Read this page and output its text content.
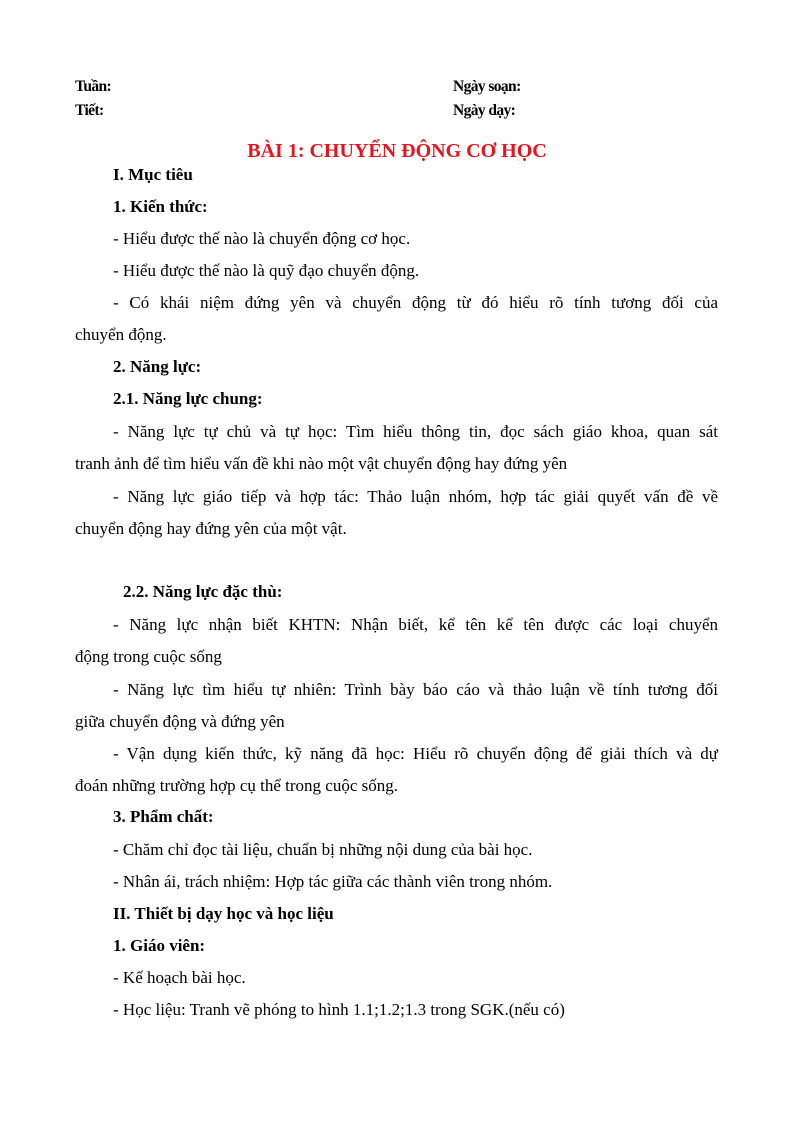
Tuần:
Tiết:
Ngày soạn:
Ngày dạy:
BÀI 1: CHUYỂN ĐỘNG CƠ HỌC
I. Mục tiêu
1. Kiến thức:
- Hiểu được thế nào là chuyển động cơ học.
- Hiểu được thế nào là quỹ đạo chuyển động.
- Có khái niệm đứng yên và chuyển động từ đó hiểu rõ tính tương đối của
chuyển động.
2. Năng lực:
2.1. Năng lực chung:
- Năng lực tự chủ và tự học: Tìm hiểu thông tin, đọc sách giáo khoa, quan sát
tranh ảnh để tìm hiểu vấn đề khi nào một vật chuyển động hay đứng yên
- Năng lực giáo tiếp và hợp tác: Thảo luận nhóm, hợp tác giải quyết vấn đề về
chuyển động hay đứng yên của một vật.
2.2. Năng lực đặc thù:
- Năng lực nhận biết KHTN: Nhận biết, kể tên kể tên được các loại chuyển
động trong cuộc sống
- Năng lực tìm hiểu tự nhiên: Trình bày báo cáo và thảo luận về tính tương đối
giữa chuyển động và đứng yên
- Vận dụng kiến thức, kỹ năng đã học: Hiểu rõ chuyển động để giải thích và dự
đoán những trường hợp cụ thể trong cuộc sống.
3. Phẩm chất:
- Chăm chỉ đọc tài liệu, chuẩn bị những nội dung của bài học.
- Nhân ái, trách nhiệm: Hợp tác giữa các thành viên trong nhóm.
II. Thiết bị dạy học và học liệu
1. Giáo viên:
- Kế hoạch bài học.
- Học liệu: Tranh vẽ phóng to hình 1.1;1.2;1.3 trong SGK.(nếu có)
